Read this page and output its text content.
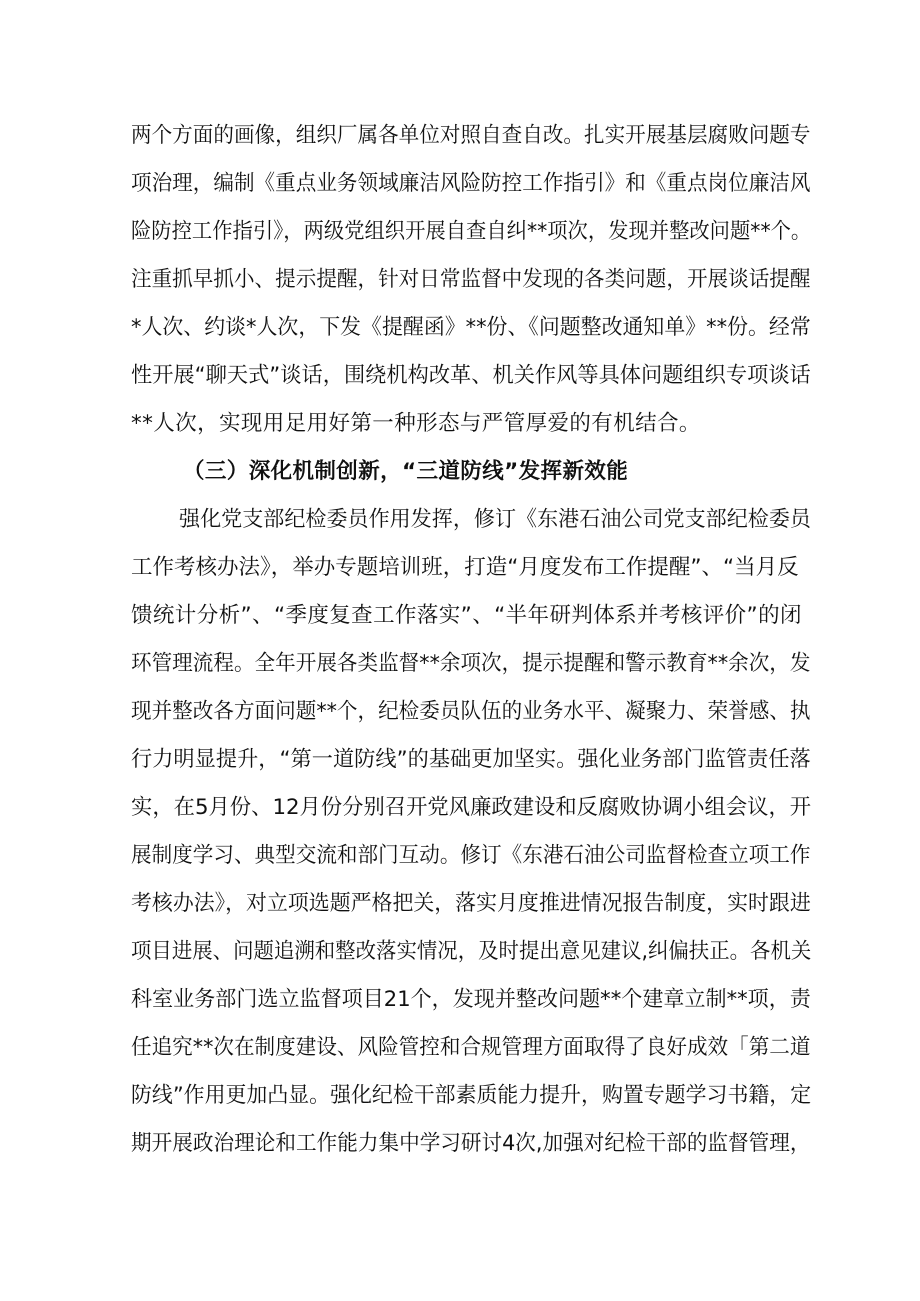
两个方面的画像，组织厂属各单位对照自查自改。扎实开展基层腐败问题专
项治理，编制《重点业务领域廉洁风险防控工作指引》和《重点岗位廉洁风
险防控工作指引》，两级党组织开展自查自纠**项次，发现并整改问题**个。
注重抓早抓小、提示提醒，针对日常监督中发现的各类问题，开展谈话提醒
*人次、约谈*人次，下发《提醒函》**份、《问题整改通知单》**份。经常
性开展“聊天式”谈话，围绕机构改革、机关作风等具体问题组织专项谈话
**人次，实现用足用好第一种形态与严管厚爱的有机结合。
（三）深化机制创新，“三道防线”发挥新效能
强化党支部纪检委员作用发挥，修订《东港石油公司党支部纪检委员
工作考核办法》，举办专题培训班，打造“月度发布工作提醒”、“当月反
馈统计分析”、“季度复查工作落实”、“半年研判体系并考核评价”的闭
环管理流程。全年开展各类监督**余项次，提示提醒和警示教育**余次，发
现并整改各方面问题**个，纪检委员队伍的业务水平、凝聚力、荣誉感、执
行力明显提升，“第一道防线”的基础更加坚实。强化业务部门监管责任落
实，在5月份、12月份分别召开党风廉政建设和反腐败协调小组会议，开
展制度学习、典型交流和部门互动。修订《东港石油公司监督检查立项工作
考核办法》，对立项选题严格把关，落实月度推进情况报告制度，实时跟进
项目进展、问题追溯和整改落实情况，及时提出意见建议,纠偏扶正。各机关
科室业务部门选立监督项目21个，发现并整改问题**个建章立制**项，责
任追究**次在制度建设、风险管控和合规管理方面取得了良好成效「第二道
防线”作用更加凸显。强化纪检干部素质能力提升，购置专题学习书籍，定
期开展政治理论和工作能力集中学习研讨4次,加强对纪检干部的监督管理，
